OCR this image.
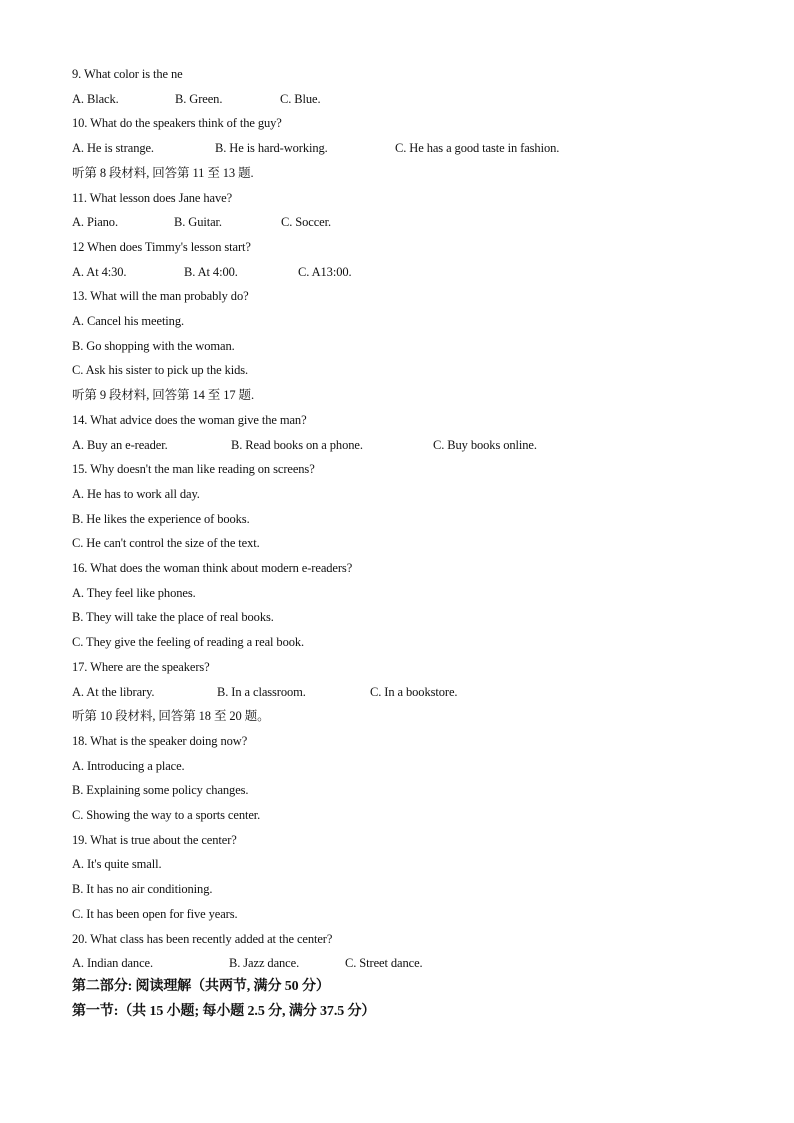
9. What color is the ne

A. Black.

	B. Green.

	C. Blue.

10. What do the speakers think of the guy?

A. He is strange.

	B. He is hard-working.

	C. He has a good taste in fashion.

听第 8 段材料, 回答第 11 至 13 题.
11. What lesson does Jane have?

A. Piano.

	B. Guitar.

	C. Soccer.

12 When does Timmy's lesson start?

A. At 4:30.

	B. At 4:00.

	C. A13:00.

13. What will the man probably do?
A. Cancel his meeting.
B. Go shopping with the woman.
C. Ask his sister to pick up the kids.
听第 9 段材料, 回答第 14 至 17 题.
14. What advice does the woman give the man?

A. Buy an e-reader.

	B. Read books on a phone.

	C. Buy books online.

15. Why doesn't the man like reading on screens?
A. He has to work all day.
B. He likes the experience of books.
C. He can't control the size of the text.
16. What does the woman think about modern e-readers?
A. They feel like phones.
B. They will take the place of real books.
C. They give the feeling of reading a real book.
17. Where are the speakers?

A. At the library.

	B. In a classroom.

	C. In a bookstore.

听第 10 段材料, 回答第 18 至 20 题。
18. What is the speaker doing now?
A. Introducing a place.
B. Explaining some policy changes.
C. Showing the way to a sports center.
19. What is true about the center?
A. It's quite small.
B. It has no air conditioning.
C. It has been open for five years.
20. What class has been recently added at the center?

A. Indian dance.

	B. Jazz dance.

	C. Street dance.

第二部分: 阅读理解（共两节, 满分 50 分）
第一节:（共 15 小题; 每小题 2.5 分, 满分 37.5 分）
